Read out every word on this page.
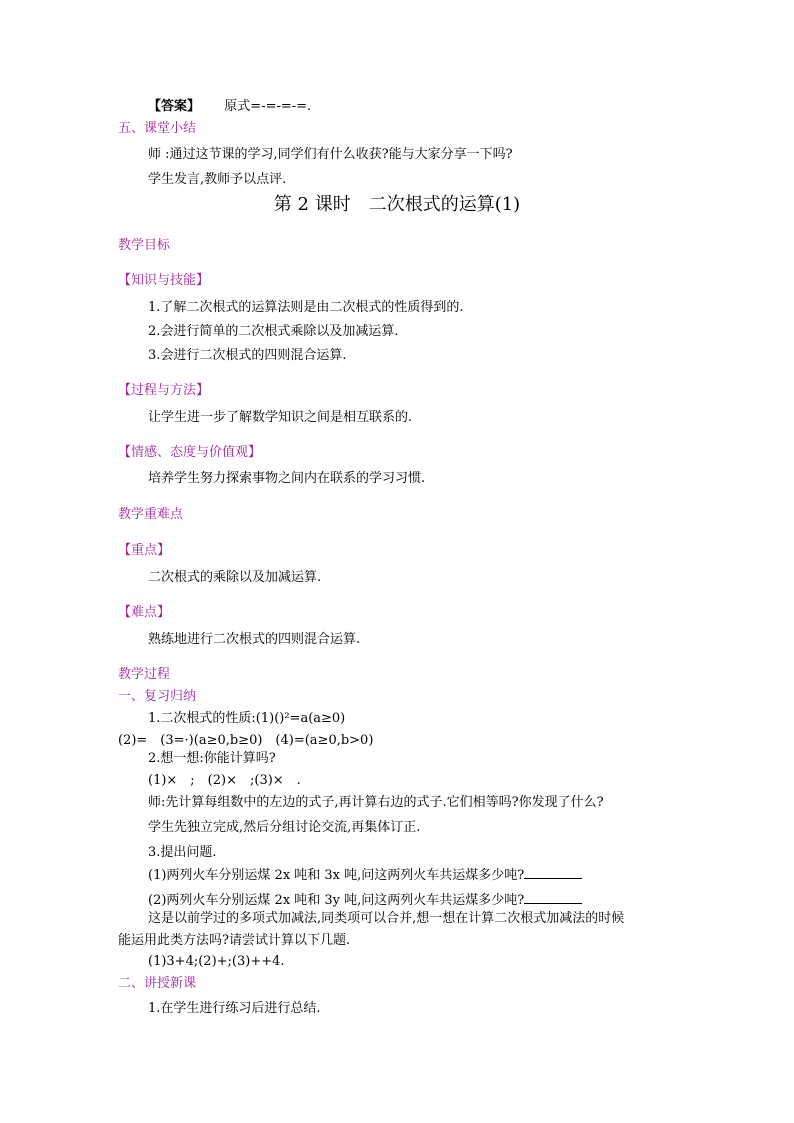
【答案】 原式=-=-=-=.

五、课堂小结

师 :通过这节课的学习,同学们有什么收获?能与大家分享一下吗?

学生发言,教师予以点评.

第 2 课时　二次根式的运算(1)

教学目标

【知识与技能】

1.了解二次根式的运算法则是由二次根式的性质得到的.

2.会进行简单的二次根式乘除以及加减运算.

3.会进行二次根式的四则混合运算.

【过程与方法】

让学生进一步了解数学知识之间是相互联系的.

【情感、态度与价值观】

培养学生努力探索事物之间内在联系的学习习惯.

教学重难点

【重点】

二次根式的乘除以及加减运算.

【难点】

熟练地进行二次根式的四则混合运算.

教学过程

一、复习归纳

1.二次根式的性质:(1)()²=a(a≥0)

(2)=　(3=·)(a≥0,b≥0)　(4)=(a≥0,b>0)

2.想一想:你能计算吗?

(1)×　;　(2)×　;(3)×　.

师:先计算每组数中的左边的式子,再计算右边的式子.它们相等吗?你发现了什么?

学生先独立完成,然后分组讨论交流,再集体订正.

3.提出问题.

(1)两列火车分别运煤 2x 吨和 3x 吨,问这两列火车共运煤多少吨?

(2)两列火车分别运煤 2x 吨和 3y 吨,问这两列火车共运煤多少吨?

这是以前学过的多项式加减法,同类项可以合并,想一想在计算二次根式加减法的时候

能运用此类方法吗?请尝试计算以下几题.

(1)3+4;(2)+;(3)++4.

二、讲授新课

1.在学生进行练习后进行总结.
